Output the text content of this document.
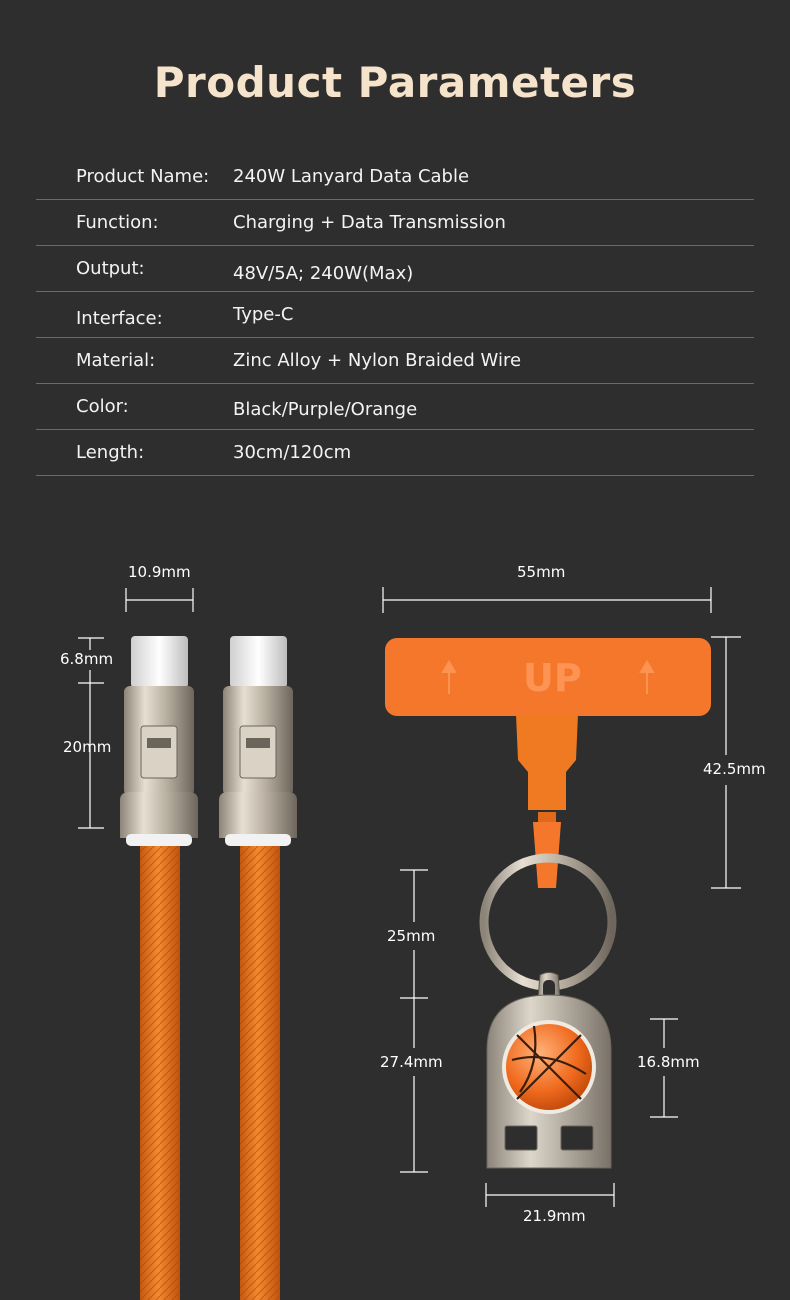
Product Parameters
Product Name: 240W Lanyard Data Cable
Function:	Charging + Data Transmission
Output:	48V/5A; 240W(Max)
Interface:	Type-C
Material:	Zinc Alloy + Nylon Braided Wire
Color:	Black/Purple/Orange
Length:	30cm/120cm
UP
10.9mm
6.8mm
20mm
55mm
42.5mm
25mm
27.4mm	16.8mm
21.9mm
